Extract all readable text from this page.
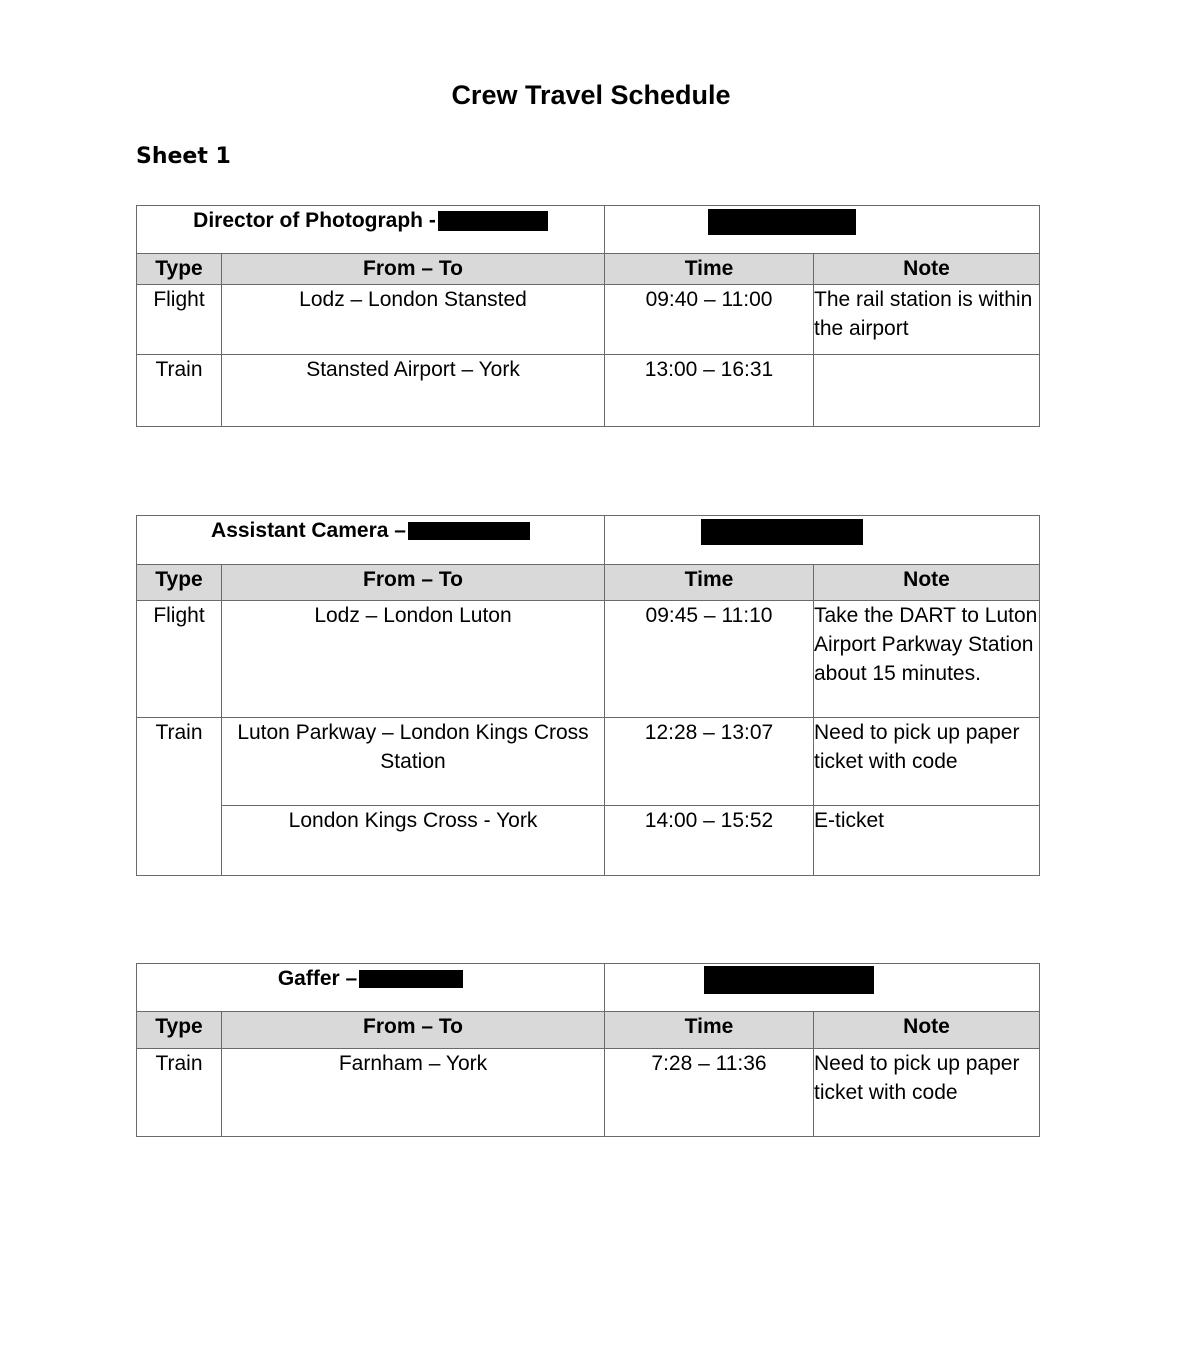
Crew Travel Schedule
Sheet 1
Director of Photograph -			
Type	From – To	Time	Note
Flight	Lodz – London Stansted	09:40 – 11:00	The rail station is within the airport
Train	Stansted Airport – York	13:00 – 16:31	
Assistant Camera –			
Type	From – To	Time	Note
Flight	Lodz – London Luton	09:45 – 11:10	Take the DART to Luton Airport Parkway Station about 15 minutes.
Train	Luton Parkway – London Kings Cross Station	12:28 – 13:07	Need to pick up paper ticket with code
	London Kings Cross - York	14:00 – 15:52	E-ticket
Gaffer –			
Type	From – To	Time	Note
Train	Farnham – York	7:28 – 11:36	Need to pick up paper ticket with code
